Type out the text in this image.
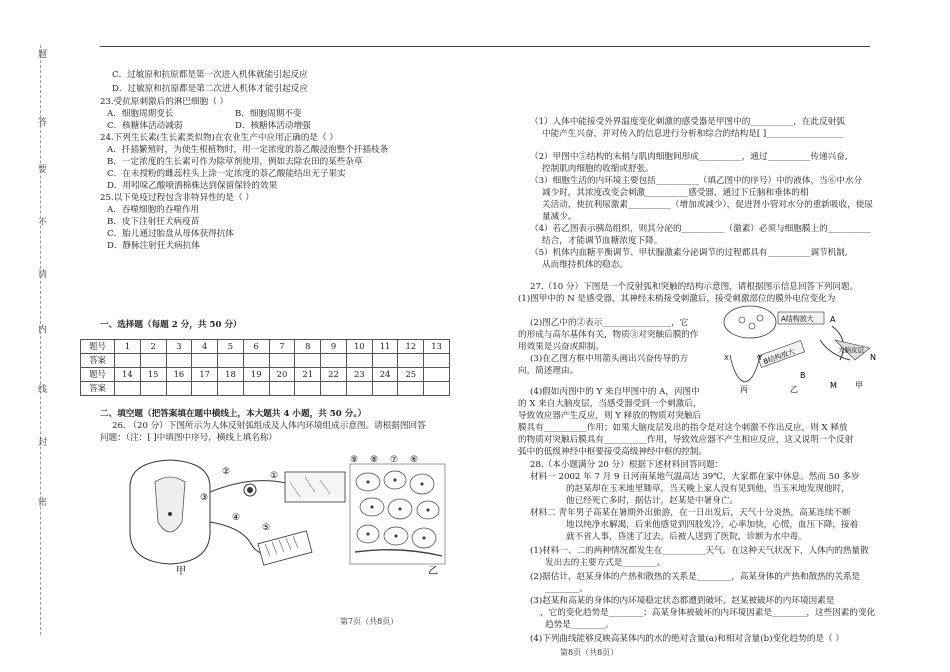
题
答
要
不
请
内
线
封
密
C．过敏原和抗原都是第一次进入机体就能引起反应
D．过敏原和抗原都是第二次进入机体才能引起反应
23.受抗原刺激后的淋巴细胞（ ）
A．细胞周期变长	B．细胞周期不变
C．核糖体活动减弱	D．核糖体活动增强
24.下列生长素(生长素类似物)在农业生产中应用正确的是（ ）
A．扦插繁殖时，为使生根植物时，用一定浓度的萘乙酸浸泡整个扦插枝条
B．一定浓度的生长素可作为除草剂使用，例如去除农田的某些杂草
C．在未授粉的雌蕊柱头上涂一定浓度的萘乙酸能结出无子果实
D．用吲哚乙酸喷洒棉株达到保留保铃的效果
25.以下免疫过程包含非特异性的是（ ）
A．吞噬细胞的吞噬作用
B．皮下注射狂犬病疫苗
C．胎儿通过胎盘从母体获得抗体
D．静脉注射狂犬病抗体
一、选择题（每题 2 分，共 50 分）
题号	1	2	3	4	5	6	7	8	9	10	11	12	13
答案													
题号	14	15	16	17	18	19	20	21	22	23	24	25	
答案													
二、填空题（把答案填在题中横线上，本大题共 4 小题，共 50 分。）
26. （20 分）下图所示为人体反射弧组成及人体内环境组成示意图。请根据图回答
问题：（注：[ ]中填图中序号，横线上填名称）
①
②
③
④
⑤
甲
⑨ ⑧ ⑦ ⑥
乙
第7页（共8页）
（1）人体中能接受外界温度变化刺激的感受器是甲图中的__________，在此反射弧
中能产生兴奋，并对传入的信息进行分析和综合的结构是[ ]__________________
（2）甲图中⑤结构的末梢与肌肉细胞间形成__________，通过__________传递兴奋,
控制肌肉细胞的收缩或舒张。
（3）细胞生活的内环境主要包括__________（填乙图中的序号）中的液体，当⑥中水分
减少时，其浓度改变会刺激__________感受器，通过下丘脑和垂体的相
关活动，使抗利尿激素__________（增加或减少），促进肾小管对水分的重新吸收，使尿
量减少。
（4）若乙图表示胰岛组织，则其分泌的__________（激素）必须与细胞膜上的__________
结合，才能调节血糖浓度下降。
（5）机体内血糖平衡调节、甲状腺激素分泌调节的过程都具有__________调节机制,
从而维持机体的稳态。
27.（10 分）下图是一个反射弧和突触的结构示意图，请根据图示信息回答下列问题。
(1)图甲中的 N 是感受器，其神经末梢接受刺激后，接受刺激部位的膜外电位变化为
(2)图乙中的②表示________________，它
的形成与高尔基体有关，物质③对突触后膜的作
用效果是兴奋或抑制。
(3)在乙图方框中用箭头画出兴奋传导的方
向，简述理由。
(4)假如丙图中的 Y 来自甲图中的 A，丙图中
的 X 来自大脑皮层，当感受器受到一个刺激后，
导致效应器产生反应，则 Y 释放的物质对突触后
膜具有__________作用；如果大脑皮层发出的指令是对这个刺激不作出反应，则 X 释放
的物质对突触后膜具有__________作用，导致效应器不产生相应反应，这又说明一个反射
弧中的低级神经中枢要接受高级神经中枢的控制。
A结构放大 A
大脑皮层
N
B结构放大
X	Y
丙
B
M 甲
乙
28.（本小题满分 20 分）根据下述材料回答问题：
材料一 2002 年 7 月 9 日河南某地气温高达 39℃，大家都在家中休息。然而 50 多岁
的赵某却在玉米地里锄草，当天晚上家人没有见到他，当玉米地发现他时，
他已经死亡多时，据估计，赵某是中暑身亡。
材料二 青年男子高某在暑期外出旅游，在一日出发后，天气十分炎热，高某连续不断
地以纯净水解渴，后来他感觉到四肢发冷，心率加快，心慌，血压下降，接着
就不省人事，昏迷了过去。后被人送到了医院，诊断为水中毒。
(1)材料一、二的两种情况都发生在__________天气。在这种天气状况下，人体内的热量散
发出去的主要方式是________。
(2)据估计，赵某身体的产热和散热的关系是________，高某身体的产热和散热的关系是
________。
(3)赵某和高某的身体的内环境稳定状态都遭到破坏。赵某被破坏的内环境因素是
，它的变化趋势是________；高某身体被破坏的内环境因素是________，这些因素的变化
趋势是________。
(4)下列曲线能够反映高某体内的水的绝对含量(a)和相对含量(b)变化趋势的是（ ）
第8页（共8页）
